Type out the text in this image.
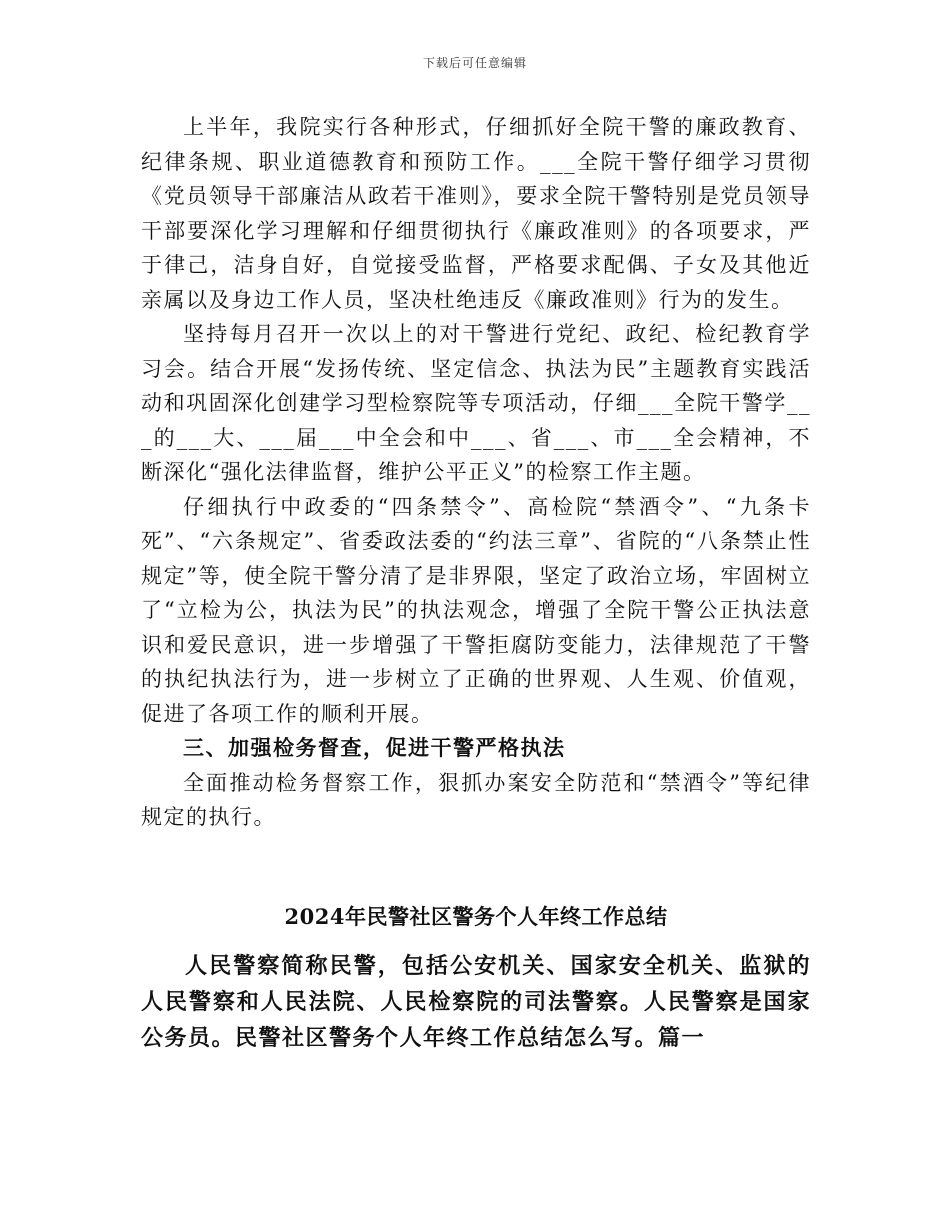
下载后可任意编辑

上半年，我院实行各种形式，仔细抓好全院干警的廉政教育、纪律条规、职业道德教育和预防工作。___全院干警仔细学习贯彻《党员领导干部廉洁从政若干准则》，要求全院干警特别是党员领导干部要深化学习理解和仔细贯彻执行《廉政准则》的各项要求，严于律己，洁身自好，自觉接受监督，严格要求配偶、子女及其他近亲属以及身边工作人员，坚决杜绝违反《廉政准则》行为的发生。

坚持每月召开一次以上的对干警进行党纪、政纪、检纪教育学习会。结合开展“发扬传统、坚定信念、执法为民”主题教育实践活动和巩固深化创建学习型检察院等专项活动，仔细___全院干警学___的___大、___届___中全会和中___、省___、市___全会精神，不断深化“强化法律监督，维护公平正义”的检察工作主题。

仔细执行中政委的“四条禁令”、高检院“禁酒令”、“九条卡死”、“六条规定”、省委政法委的“约法三章”、省院的“八条禁止性规定”等，使全院干警分清了是非界限，坚定了政治立场，牢固树立了“立检为公，执法为民”的执法观念，增强了全院干警公正执法意识和爱民意识，进一步增强了干警拒腐防变能力，法律规范了干警的执纪执法行为，进一步树立了正确的世界观、人生观、价值观，促进了各项工作的顺利开展。

三、加强检务督查，促进干警严格执法

全面推动检务督察工作，狠抓办案安全防范和“禁酒令”等纪律规定的执行。

2024年民警社区警务个人年终工作总结

人民警察简称民警，包括公安机关、国家安全机关、监狱的人民警察和人民法院、人民检察院的司法警察。人民警察是国家公务员。民警社区警务个人年终工作总结怎么写。篇一
